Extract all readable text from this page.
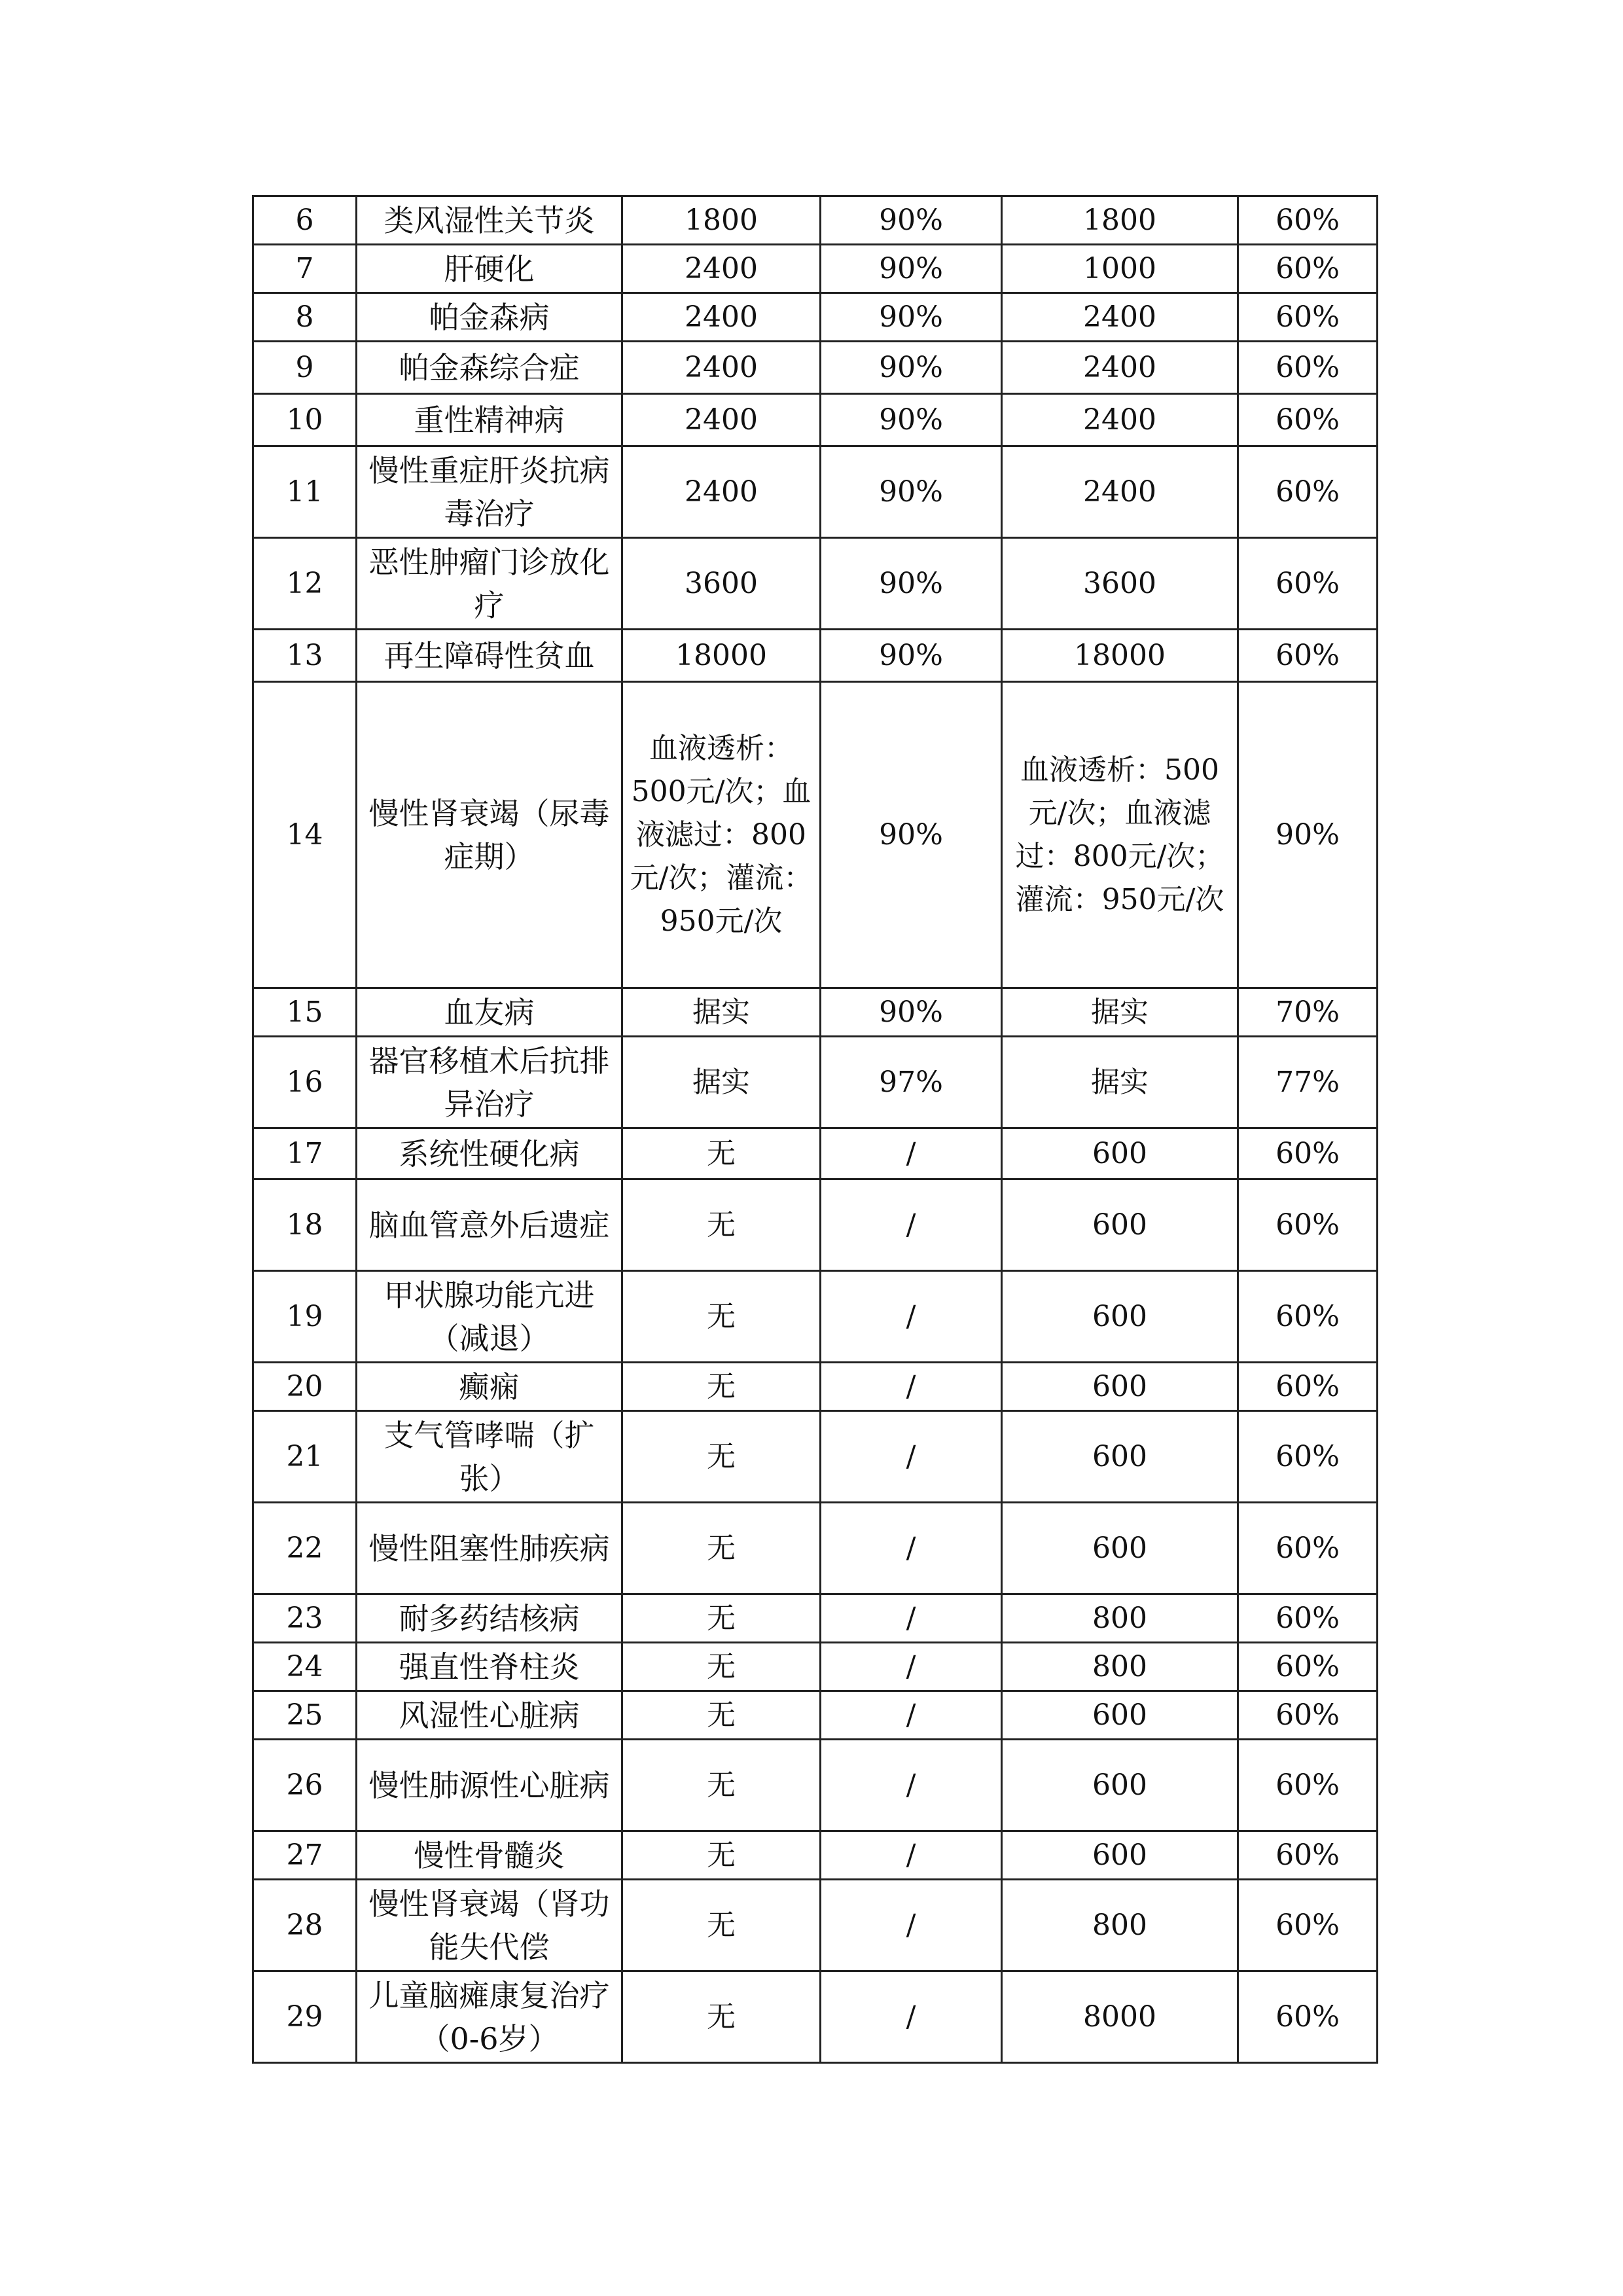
6	类风湿性关节炎	1800	90%	1800	60%
7	肝硬化	2400	90%	1000	60%
8	帕金森病	2400	90%	2400	60%
9	帕金森综合症	2400	90%	2400	60%
10	重性精神病	2400	90%	2400	60%
11	慢性重症肝炎抗病毒治疗	2400	90%	2400	60%
12	恶性肿瘤门诊放化疗	3600	90%	3600	60%
13	再生障碍性贫血	18000	90%	18000	60%
14	慢性肾衰竭（尿毒症期）	血液透析：500元/次；血液滤过：800元/次；灌流：950元/次	90%	血液透析：500元/次；血液滤过：800元/次；灌流：950元/次	90%
15	血友病	据实	90%	据实	70%
16	器官移植术后抗排异治疗	据实	97%	据实	77%
17	系统性硬化病	无	/	600	60%
18	脑血管意外后遗症	无	/	600	60%
19	甲状腺功能亢进（减退）	无	/	600	60%
20	癫痫	无	/	600	60%
21	支气管哮喘（扩张）	无	/	600	60%
22	慢性阻塞性肺疾病	无	/	600	60%
23	耐多药结核病	无	/	800	60%
24	强直性脊柱炎	无	/	800	60%
25	风湿性心脏病	无	/	600	60%
26	慢性肺源性心脏病	无	/	600	60%
27	慢性骨髓炎	无	/	600	60%
28	慢性肾衰竭（肾功能失代偿	无	/	800	60%
29	儿童脑瘫康复治疗（0-6岁）	无	/	8000	60%
